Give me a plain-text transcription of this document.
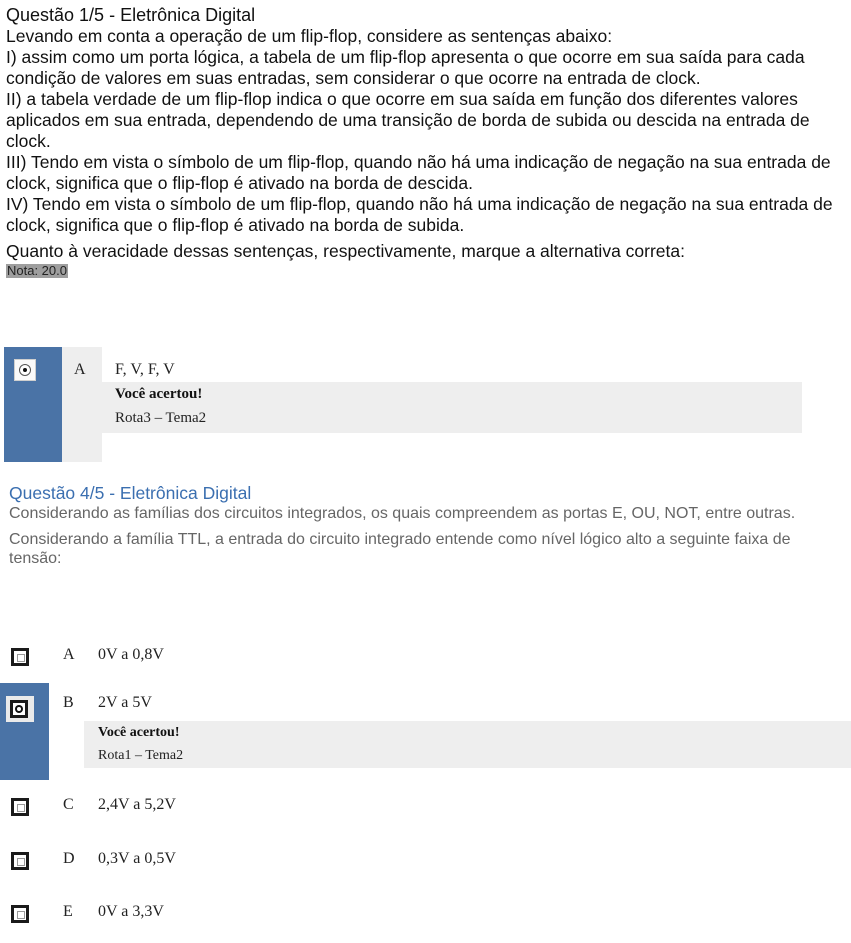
Questão 1/5 - Eletrônica Digital
Levando em conta a operação de um flip-flop, considere as sentenças abaixo:
I) assim como um porta lógica, a tabela de um flip-flop apresenta o que ocorre em sua saída para cada condição de valores em suas entradas, sem considerar o que ocorre na entrada de clock.
II) a tabela verdade de um flip-flop indica o que ocorre em sua saída em função dos diferentes valores aplicados em sua entrada, dependendo de uma transição de borda de subida ou descida na entrada de clock.
III) Tendo em vista o símbolo de um flip-flop, quando não há uma indicação de negação na sua entrada de clock, significa que o flip-flop é ativado na borda de descida.
IV) Tendo em vista o símbolo de um flip-flop, quando não há uma indicação de negação na sua entrada de clock, significa que o flip-flop é ativado na borda de subida.
Quanto à veracidade dessas sentenças, respectivamente, marque a alternativa correta:
Nota: 20.0
A F, V, F, V
Você acertou!
Rota3 – Tema2
Questão 4/5 - Eletrônica Digital
Considerando as famílias dos circuitos integrados, os quais compreendem as portas E, OU, NOT, entre outras.
Considerando a família TTL, a entrada do circuito integrado entende como nível lógico alto a seguinte faixa de tensão:
A 0V a 0,8V
B 2V a 5V
Você acertou!
Rota1 – Tema2
C 2,4V a 5,2V
D 0,3V a 0,5V
E 0V a 3,3V
